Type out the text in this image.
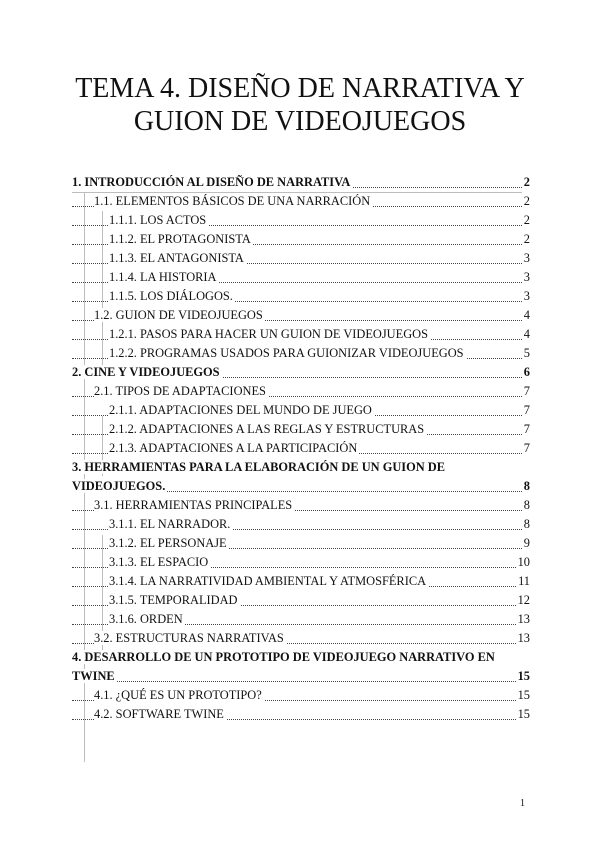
TEMA 4. DISEÑO DE NARRATIVA Y
GUION DE VIDEOJUEGOS
1. INTRODUCCIÓN AL DISEÑO DE NARRATIVA	2
1.1. ELEMENTOS BÁSICOS DE UNA NARRACIÓN	2
1.1.1. LOS ACTOS	2
1.1.2. EL PROTAGONISTA	2
1.1.3. EL ANTAGONISTA	3
1.1.4. LA HISTORIA	3
1.1.5. LOS DIÁLOGOS.	3
1.2. GUION DE VIDEOJUEGOS	4
1.2.1. PASOS PARA HACER UN GUION DE VIDEOJUEGOS	4
1.2.2. PROGRAMAS USADOS PARA GUIONIZAR VIDEOJUEGOS	5
2. CINE Y VIDEOJUEGOS	6
2.1. TIPOS DE ADAPTACIONES	7
2.1.1. ADAPTACIONES DEL MUNDO DE JUEGO	7
2.1.2. ADAPTACIONES A LAS REGLAS Y ESTRUCTURAS	7
2.1.3. ADAPTACIONES A LA PARTICIPACIÓN	7
3. HERRAMIENTAS PARA LA ELABORACIÓN DE UN GUION DE
VIDEOJUEGOS.	8
3.1. HERRAMIENTAS PRINCIPALES	8
3.1.1. EL NARRADOR.	8
3.1.2. EL PERSONAJE	9
3.1.3. EL ESPACIO	10
3.1.4. LA NARRATIVIDAD AMBIENTAL Y ATMOSFÉRICA	11
3.1.5. TEMPORALIDAD	12
3.1.6. ORDEN	13
3.2. ESTRUCTURAS NARRATIVAS	13
4. DESARROLLO DE UN PROTOTIPO DE VIDEOJUEGO NARRATIVO EN
TWINE	15
4.1. ¿QUÉ ES UN PROTOTIPO?	15
4.2. SOFTWARE TWINE	15
1
